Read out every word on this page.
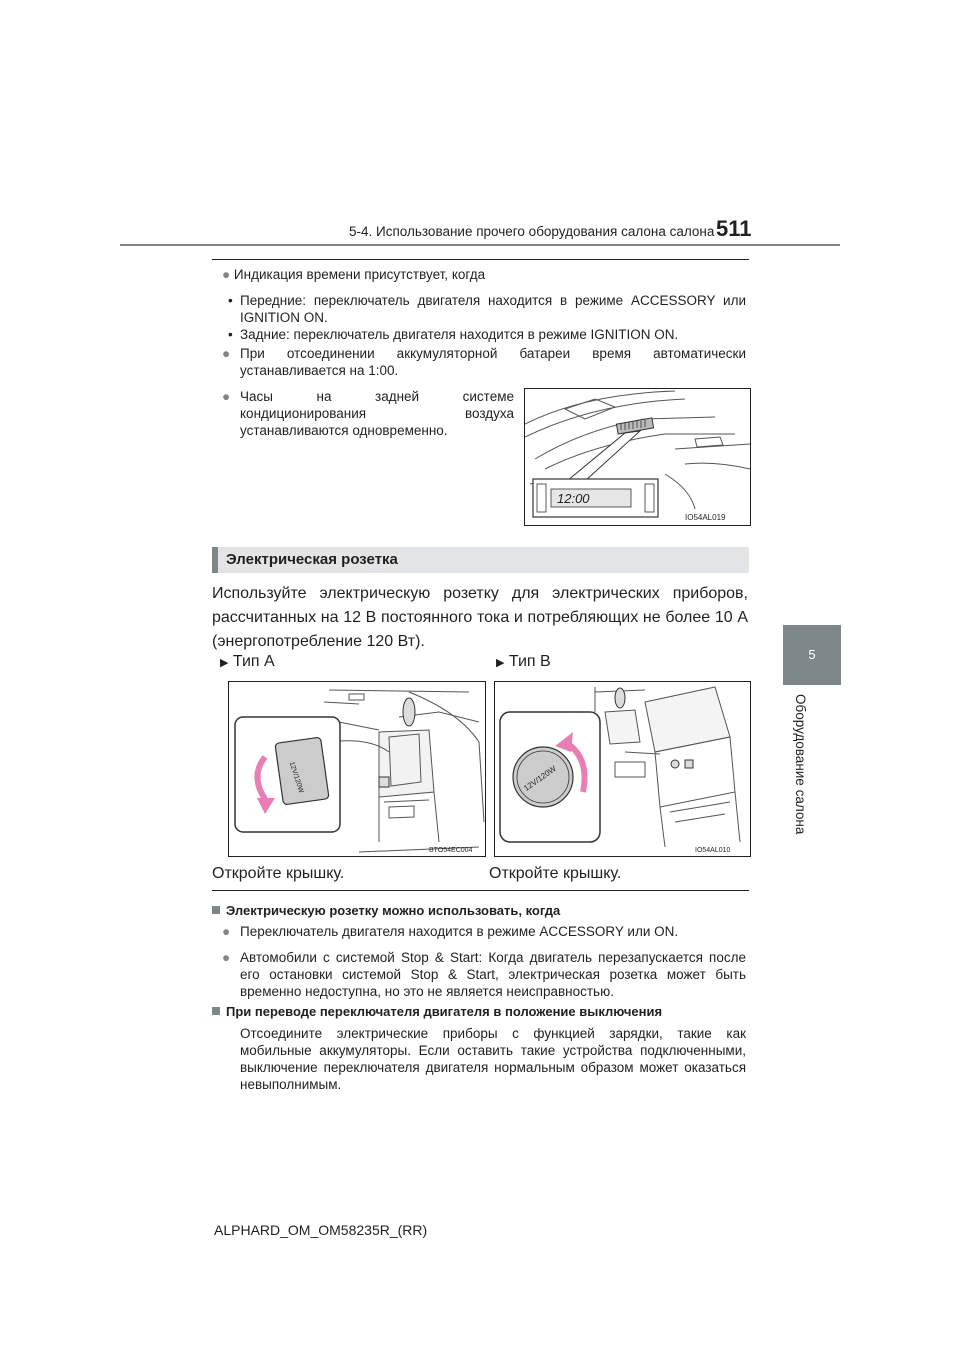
5-4. Использование прочего оборудования салона салона 511
5
Оборудование салона
● Индикация времени присутствует, когда
• Передние: переключатель двигателя находится в режиме ACCESSORY или
IGNITION ON.
• Задние: переключатель двигателя находится в режиме IGNITION ON.
● При отсоединении аккумуляторной батареи время автоматически
устанавливается на 1:00.
● Часы на задней системе
кондиционирования воздуха
устанавливаются одновременно.
12:00
IO54AL019
Электрическая розетка
Используйте электрическую розетку для электрических приборов,
рассчитанных на 12 В постоянного тока и потребляющих не более 10 А
(энергопотребление 120 Вт).
▶ Тип A	▶ Тип B
12V/120W
BTO54EC004
12V/120W
IO54AL010
Откройте крышку.	Откройте крышку.
Электрическую розетку можно использовать, когда
● Переключатель двигателя находится в режиме ACCESSORY или ON.
● Автомобили с системой Stop & Start: Когда двигатель перезапускается после
его остановки системой Stop & Start, электрическая розетка может быть
временно недоступна, но это не является неисправностью.
При переводе переключателя двигателя в положение выключения
Отсоедините электрические приборы с функцией зарядки, такие как
мобильные аккумуляторы. Если оставить такие устройства подключенными,
выключение переключателя двигателя нормальным образом может оказаться
невыполнимым.
ALPHARD_OM_OM58235R_(RR)
